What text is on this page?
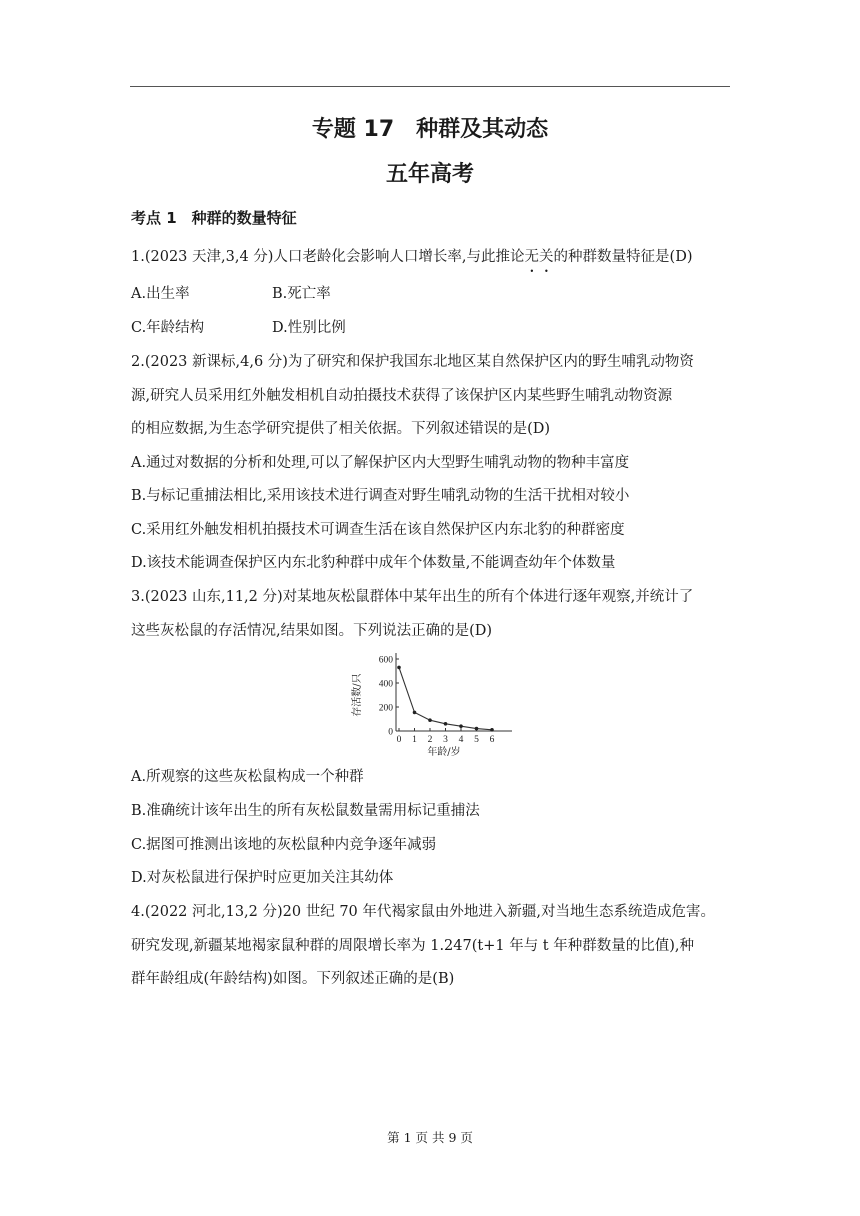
专题 17　种群及其动态
五年高考
考点 1　种群的数量特征
1.(2023 天津,3,4 分)人口老龄化会影响人口增长率,与此推论无关的种群数量特征是(D)
A.出生率	B.死亡率
C.年龄结构	D.性别比例
2.(2023 新课标,4,6 分)为了研究和保护我国东北地区某自然保护区内的野生哺乳动物资
源,研究人员采用红外触发相机自动拍摄技术获得了该保护区内某些野生哺乳动物资源
的相应数据,为生态学研究提供了相关依据。下列叙述错误的是(D)
A.通过对数据的分析和处理,可以了解保护区内大型野生哺乳动物的物种丰富度
B.与标记重捕法相比,采用该技术进行调查对野生哺乳动物的生活干扰相对较小
C.采用红外触发相机拍摄技术可调查生活在该自然保护区内东北豹的种群密度
D.该技术能调查保护区内东北豹种群中成年个体数量,不能调查幼年个体数量
3.(2023 山东,11,2 分)对某地灰松鼠群体中某年出生的所有个体进行逐年观察,并统计了
这些灰松鼠的存活情况,结果如图。下列说法正确的是(D)
0
200
400
600
0 1 2 3 4 5 6
年龄/岁
存活数/只
A.所观察的这些灰松鼠构成一个种群
B.准确统计该年出生的所有灰松鼠数量需用标记重捕法
C.据图可推测出该地的灰松鼠种内竞争逐年减弱
D.对灰松鼠进行保护时应更加关注其幼体
4.(2022 河北,13,2 分)20 世纪 70 年代褐家鼠由外地进入新疆,对当地生态系统造成危害。
研究发现,新疆某地褐家鼠种群的周限增长率为 1.247(t+1 年与 t 年种群数量的比值),种
群年龄组成(年龄结构)如图。下列叙述正确的是(B)
第 1 页 共 9 页
